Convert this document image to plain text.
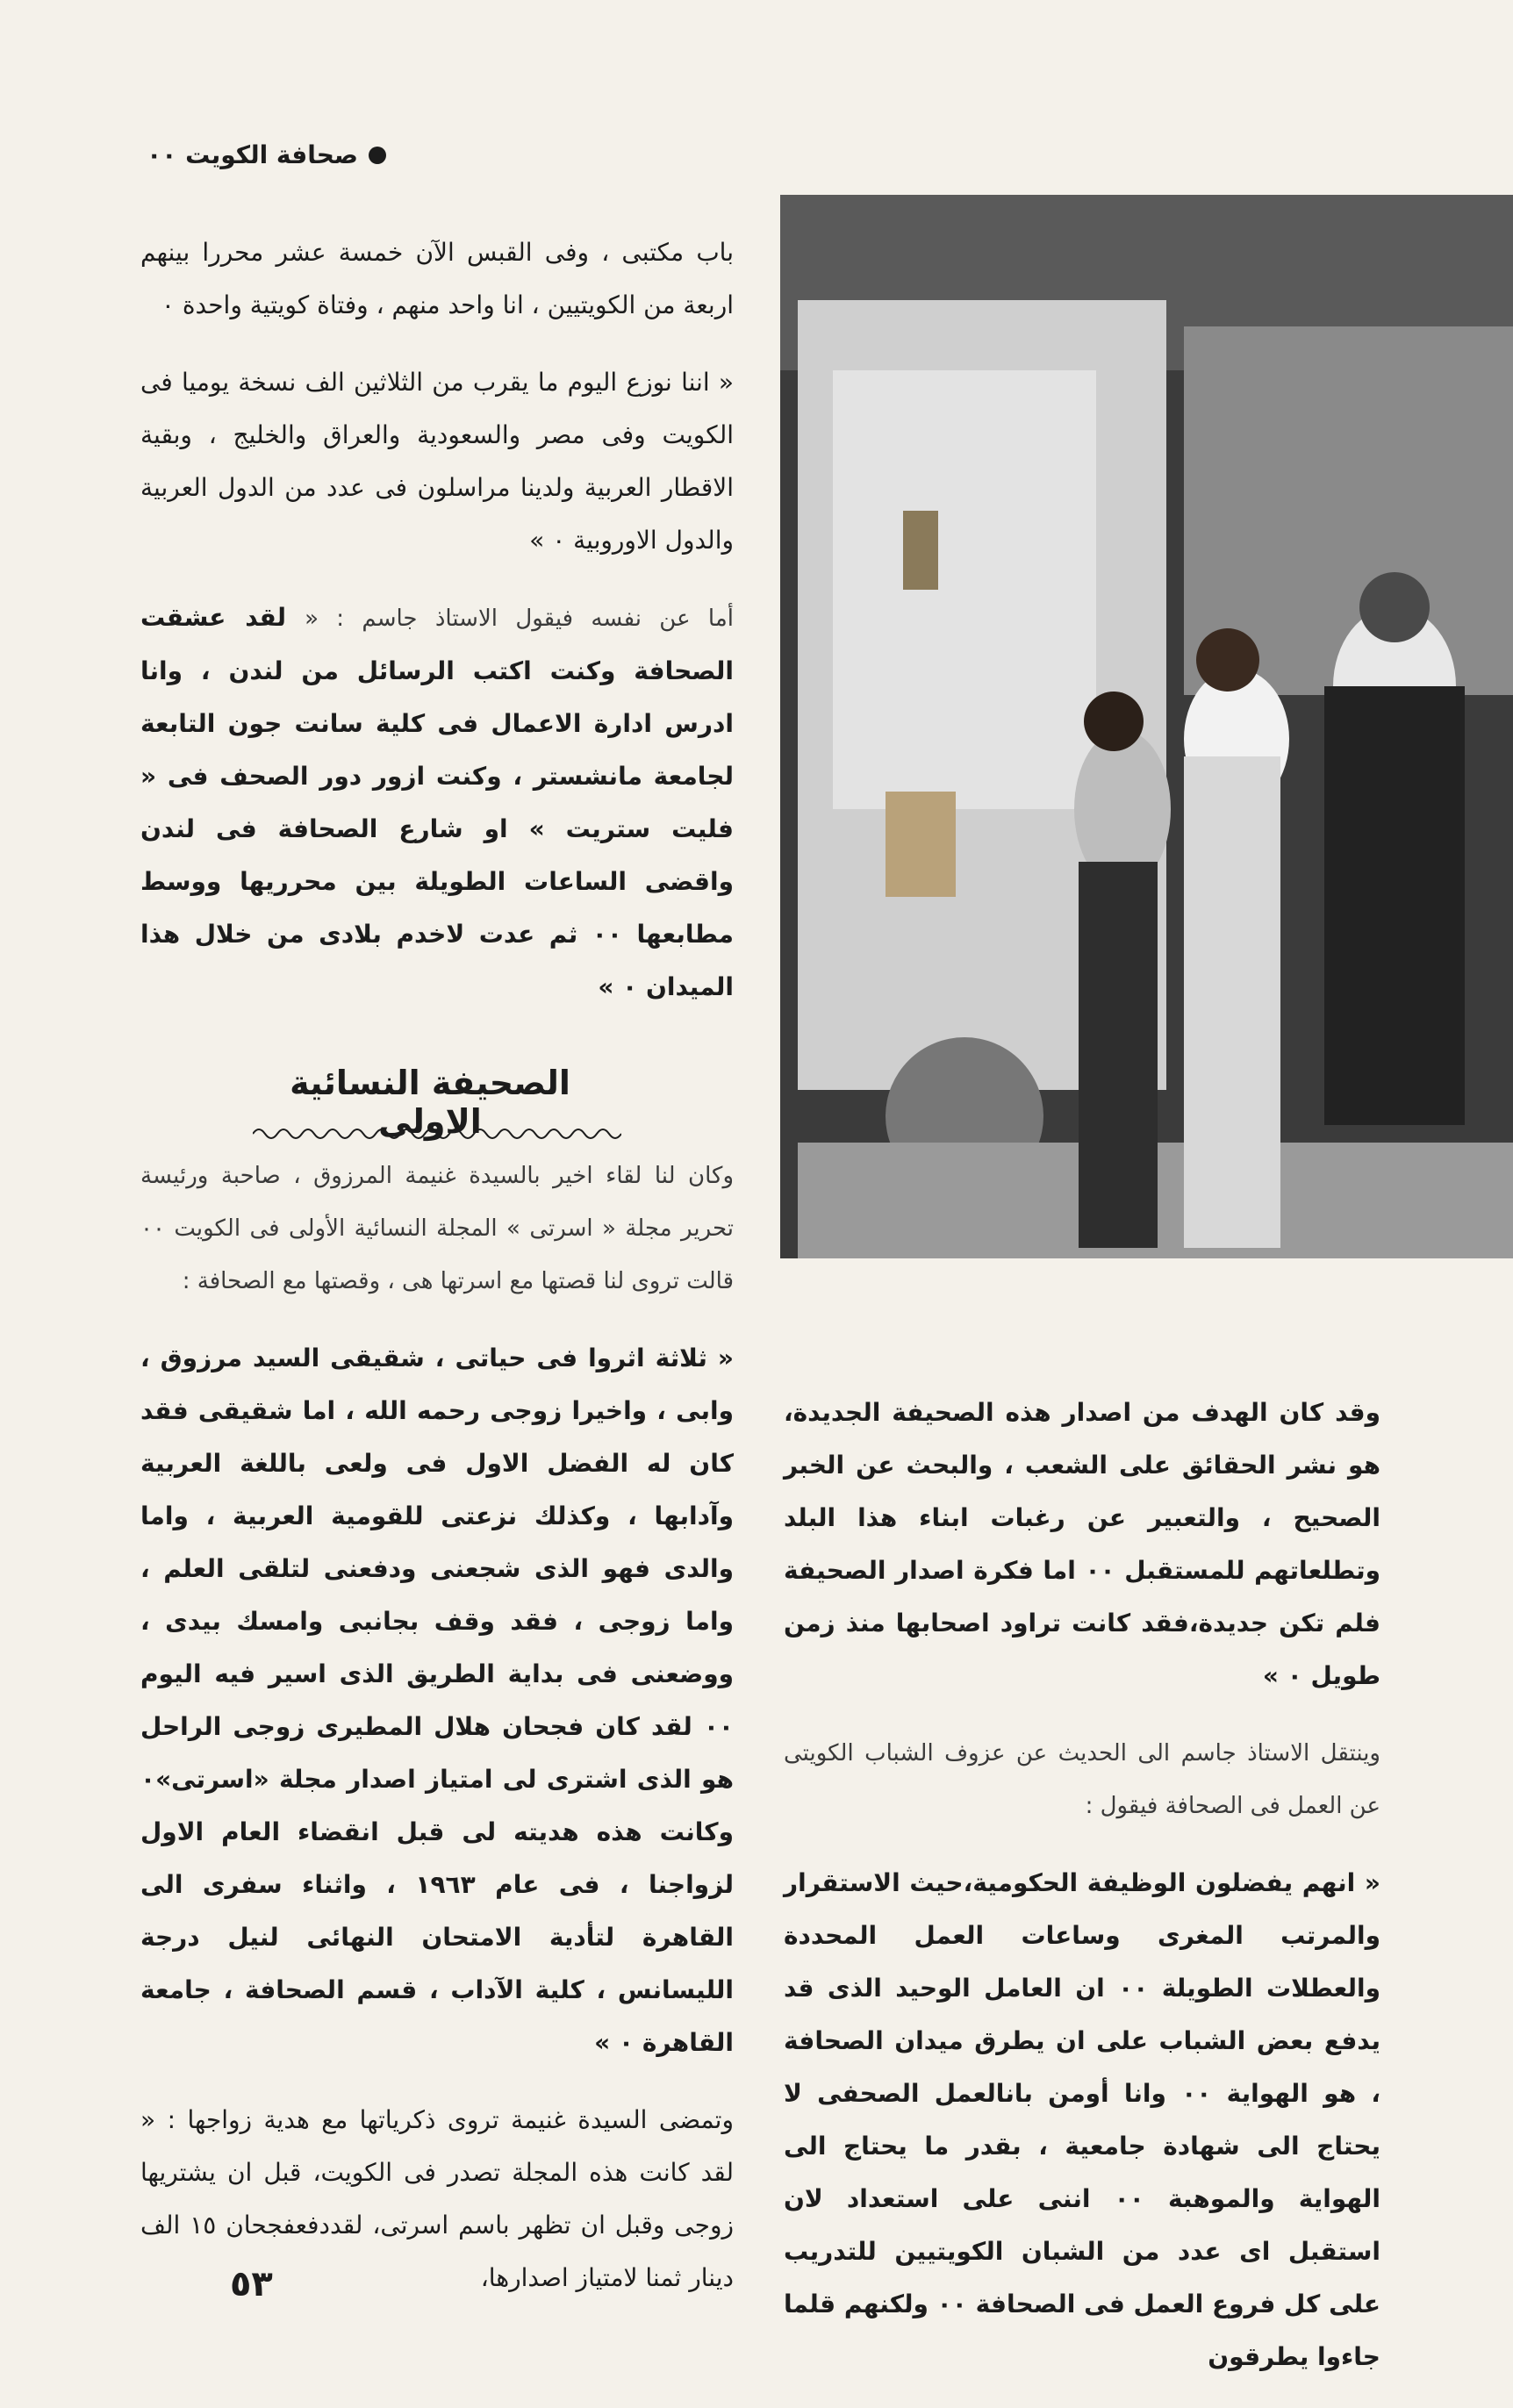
صحافة الكويت ٠٠

باب مكتبى ، وفى القبس الآن خمسة عشر محررا بينهم اربعة من الكويتيين ، انا واحد منهم ، وفتاة كويتية واحدة ٠

« اننا نوزع اليوم ما يقرب من الثلاثين الف نسخة يوميا فى الكويت وفى مصر والسعودية والعراق والخليج ، وبقية الاقطار العربية ولدينا مراسلون فى عدد من الدول العربية والدول الاوروبية ٠ »

أما عن نفسه فيقول الاستاذ جاسم : « لقد عشقت الصحافة وكنت اكتب الرسائل من لندن ، وانا ادرس ادارة الاعمال فى كلية سانت جون التابعة لجامعة مانشستر ، وكنت ازور دور الصحف فى « فليت ستريت » او شارع الصحافة فى لندن واقضى الساعات الطويلة بين محرريها ووسط مطابعها ٠٠ ثم عدت لاخدم بلادى من خلال هذا الميدان ٠ »

الصحيفة النسائية الاولى

وكان لنا لقاء اخير بالسيدة غنيمة المرزوق ، صاحبة ورئيسة تحرير مجلة « اسرتى » المجلة النسائية الأولى فى الكويت ٠٠ قالت تروى لنا قصتها مع اسرتها هى ، وقصتها مع الصحافة :

« ثلاثة اثروا فى حياتى ، شقيقى السيد مرزوق ، وابى ، واخيرا زوجى رحمه الله ، اما شقيقى فقد كان له الفضل الاول فى ولعى باللغة العربية وآدابها ، وكذلك نزعتى للقومية العربية ، واما والدى فهو الذى شجعنى ودفعنى لتلقى العلم ، واما زوجى ، فقد وقف بجانبى وامسك بيدى ، ووضعنى فى بداية الطريق الذى اسير فيه اليوم ٠٠ لقد كان فجحان هلال المطيرى زوجى الراحل هو الذى اشترى لى امتياز اصدار مجلة «اسرتى»٠ وكانت هذه هديته لى قبل انقضاء العام الاول لزواجنا ، فى عام ١٩٦٣ ، واثناء سفرى الى القاهرة لتأدية الامتحان النهائى لنيل درجة الليسانس ، كلية الآداب ، قسم الصحافة ، جامعة القاهرة ٠ »

وتمضى السيدة غنيمة تروى ذكرياتها مع هدية زواجها : « لقد كانت هذه المجلة تصدر فى الكويت، قبل ان يشتريها زوجى وقبل ان تظهر باسم اسرتى، لقددفعفجحان ١٥ الف دينار ثمنا لامتياز اصدارها،

وقد كان الهدف من اصدار هذه الصحيفة الجديدة، هو نشر الحقائق على الشعب ، والبحث عن الخبر الصحيح ، والتعبير عن رغبات ابناء هذا البلد وتطلعاتهم للمستقبل ٠٠ اما فكرة اصدار الصحيفة فلم تكن جديدة،فقد كانت تراود اصحابها منذ زمن طويل ٠ »

وينتقل الاستاذ جاسم الى الحديث عن عزوف الشباب الكويتى عن العمل فى الصحافة فيقول :

« انهم يفضلون الوظيفة الحكومية،حيث الاستقرار والمرتب المغرى وساعات العمل المحددة والعطلات الطويلة ٠٠ ان العامل الوحيد الذى قد يدفع بعض الشباب على ان يطرق ميدان الصحافة ، هو الهواية ٠٠ وانا أومن بانالعمل الصحفى لا يحتاج الى شهادة جامعية ، بقدر ما يحتاج الى الهواية والموهبة ٠٠ اننى على استعداد لان استقبل اى عدد من الشبان الكويتيين للتدريب على كل فروع العمل فى الصحافة ٠٠ ولكنهم قلما جاءوا يطرقون

٥٣
